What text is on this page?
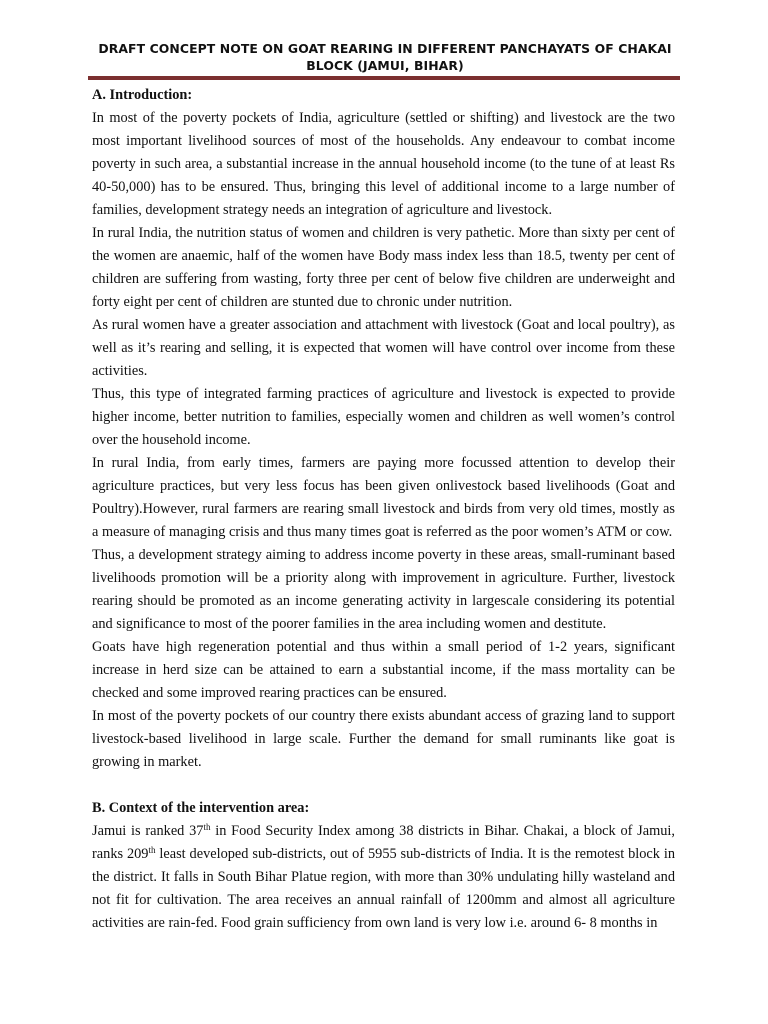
DRAFT CONCEPT NOTE ON GOAT REARING IN DIFFERENT PANCHAYATS OF CHAKAI
BLOCK (JAMUI, BIHAR)
A. Introduction:

In most of the poverty pockets of India, agriculture (settled or shifting) and livestock are the two most important livelihood sources of most of the households. Any endeavour to combat income poverty in such area, a substantial increase in the annual household income (to the tune of at least Rs 40-50,000) has to be ensured. Thus, bringing this level of additional income to a large number of families, development strategy needs an integration of agriculture and livestock.

In rural India, the nutrition status of women and children is very pathetic. More than sixty per cent of the women are anaemic, half of the women have Body mass index less than 18.5, twenty per cent of children are suffering from wasting, forty three per cent of below five children are underweight and forty eight per cent of children are stunted due to chronic under nutrition.

As rural women have a greater association and attachment with livestock (Goat and local poultry), as well as it’s rearing and selling, it is expected that women will have control over income from these activities.

Thus, this type of integrated farming practices of agriculture and livestock is expected to provide higher income, better nutrition to families, especially women and children as well women’s control over the household income.

In rural India, from early times, farmers are paying more focussed attention to develop their agriculture practices, but very less focus has been given onlivestock based livelihoods (Goat and Poultry).However, rural farmers are rearing small livestock and birds from very old times, mostly as a measure of managing crisis and thus many times goat is referred as the poor women’s ATM or cow.

Thus, a development strategy aiming to address income poverty in these areas, small-ruminant based livelihoods promotion will be a priority along with improvement in agriculture. Further, livestock rearing should be promoted as an income generating activity in largescale considering its potential and significance to most of the poorer families in the area including women and destitute.

Goats have high regeneration potential and thus within a small period of 1-2 years, significant increase in herd size can be attained to earn a substantial income, if the mass mortality can be checked and some improved rearing practices can be ensured.

In most of the poverty pockets of our country there exists abundant access of grazing land to support livestock-based livelihood in large scale. Further the demand for small ruminants like goat is growing in market.

B. Context of the intervention area:

Jamui is ranked 37th in Food Security Index among 38 districts in Bihar. Chakai, a block of Jamui, ranks 209th least developed sub-districts, out of 5955 sub-districts of India. It is the remotest block in the district. It falls in South Bihar Platue region, with more than 30% undulating hilly wasteland and not fit for cultivation. The area receives an annual rainfall of 1200mm and almost all agriculture activities are rain-fed. Food grain sufficiency from own land is very low i.e. around 6- 8 months in
